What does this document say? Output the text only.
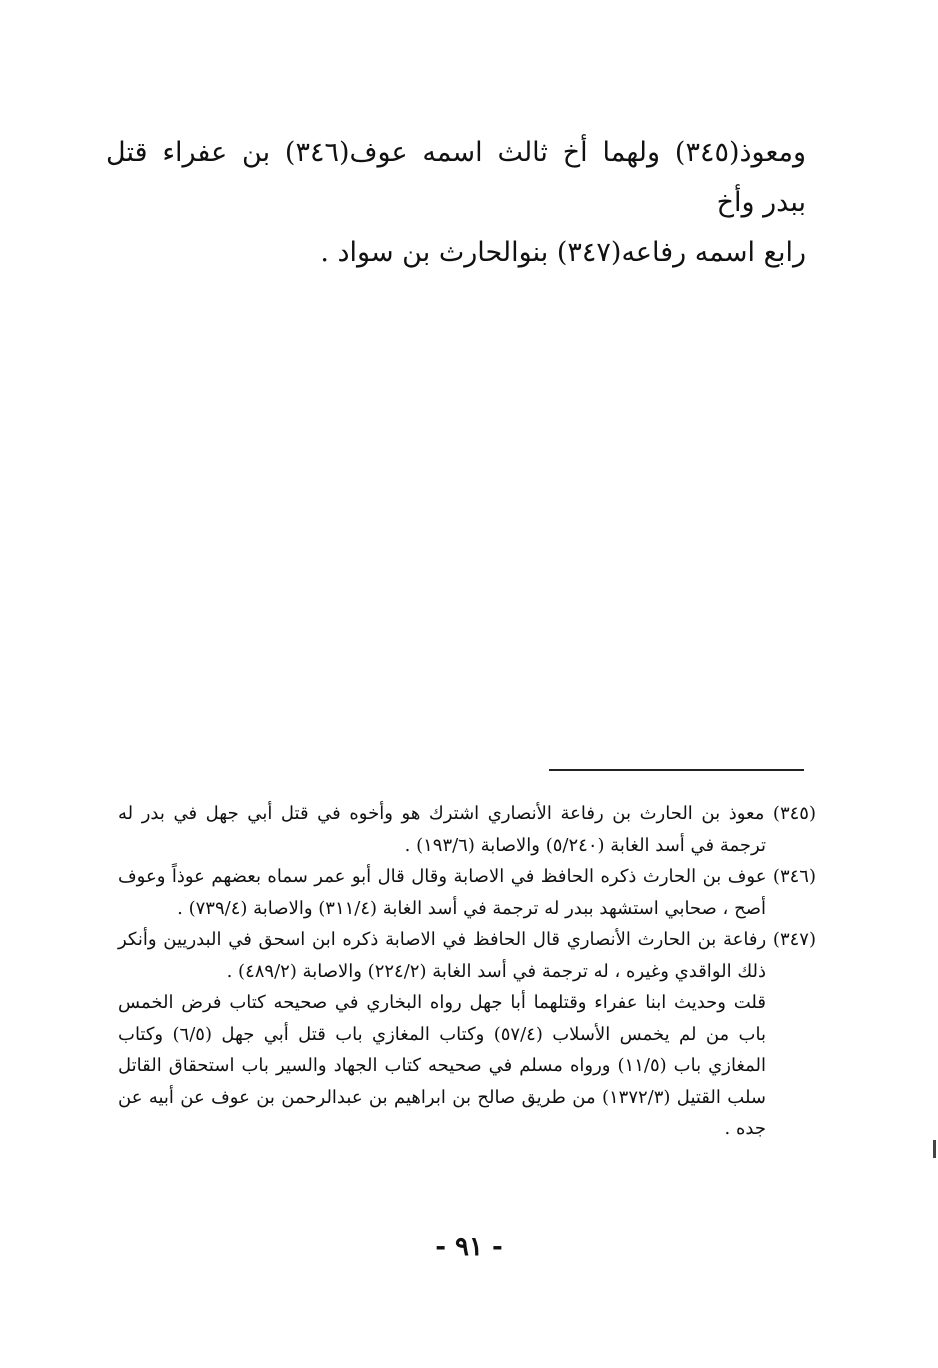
ومعوذ(٣٤٥) ولهما أخ ثالث اسمه عوف(٣٤٦) بن عفراء قتل ببدر وأخ

رابع اسمه رفاعه(٣٤٧) بنوالحارث بن سواد .

(٣٤٥) معوذ بن الحارث بن رفاعة الأنصاري اشترك هو وأخوه في قتل أبي جهل في بدر له ترجمة في أسد الغابة (٥/٢٤٠) والاصابة (١٩٣/٦) .

(٣٤٦) عوف بن الحارث ذكره الحافظ في الاصابة وقال قال أبو عمر سماه بعضهم عوذاً وعوف أصح ، صحابي استشهد ببدر له ترجمة في أسد الغابة (٣١١/٤) والاصابة (٧٣٩/٤) .

(٣٤٧) رفاعة بن الحارث الأنصاري قال الحافظ في الاصابة ذكره ابن اسحق في البدريين وأنكر ذلك الواقدي وغيره ، له ترجمة في أسد الغابة (٢٢٤/٢) والاصابة (٤٨٩/٢) .

قلت وحديث ابنا عفراء وقتلهما أبا جهل رواه البخاري في صحيحه كتاب فرض الخمس باب من لم يخمس الأسلاب (٥٧/٤) وكتاب المغازي باب قتل أبي جهل (٦/٥) وكتاب المغازي باب (١١/٥) ورواه مسلم في صحيحه كتاب الجهاد والسير باب استحقاق القاتل سلب القتيل (١٣٧٢/٣) من طريق صالح بن ابراهيم بن عبدالرحمن بن عوف عن أبيه عن جده .

- ٩١ -
